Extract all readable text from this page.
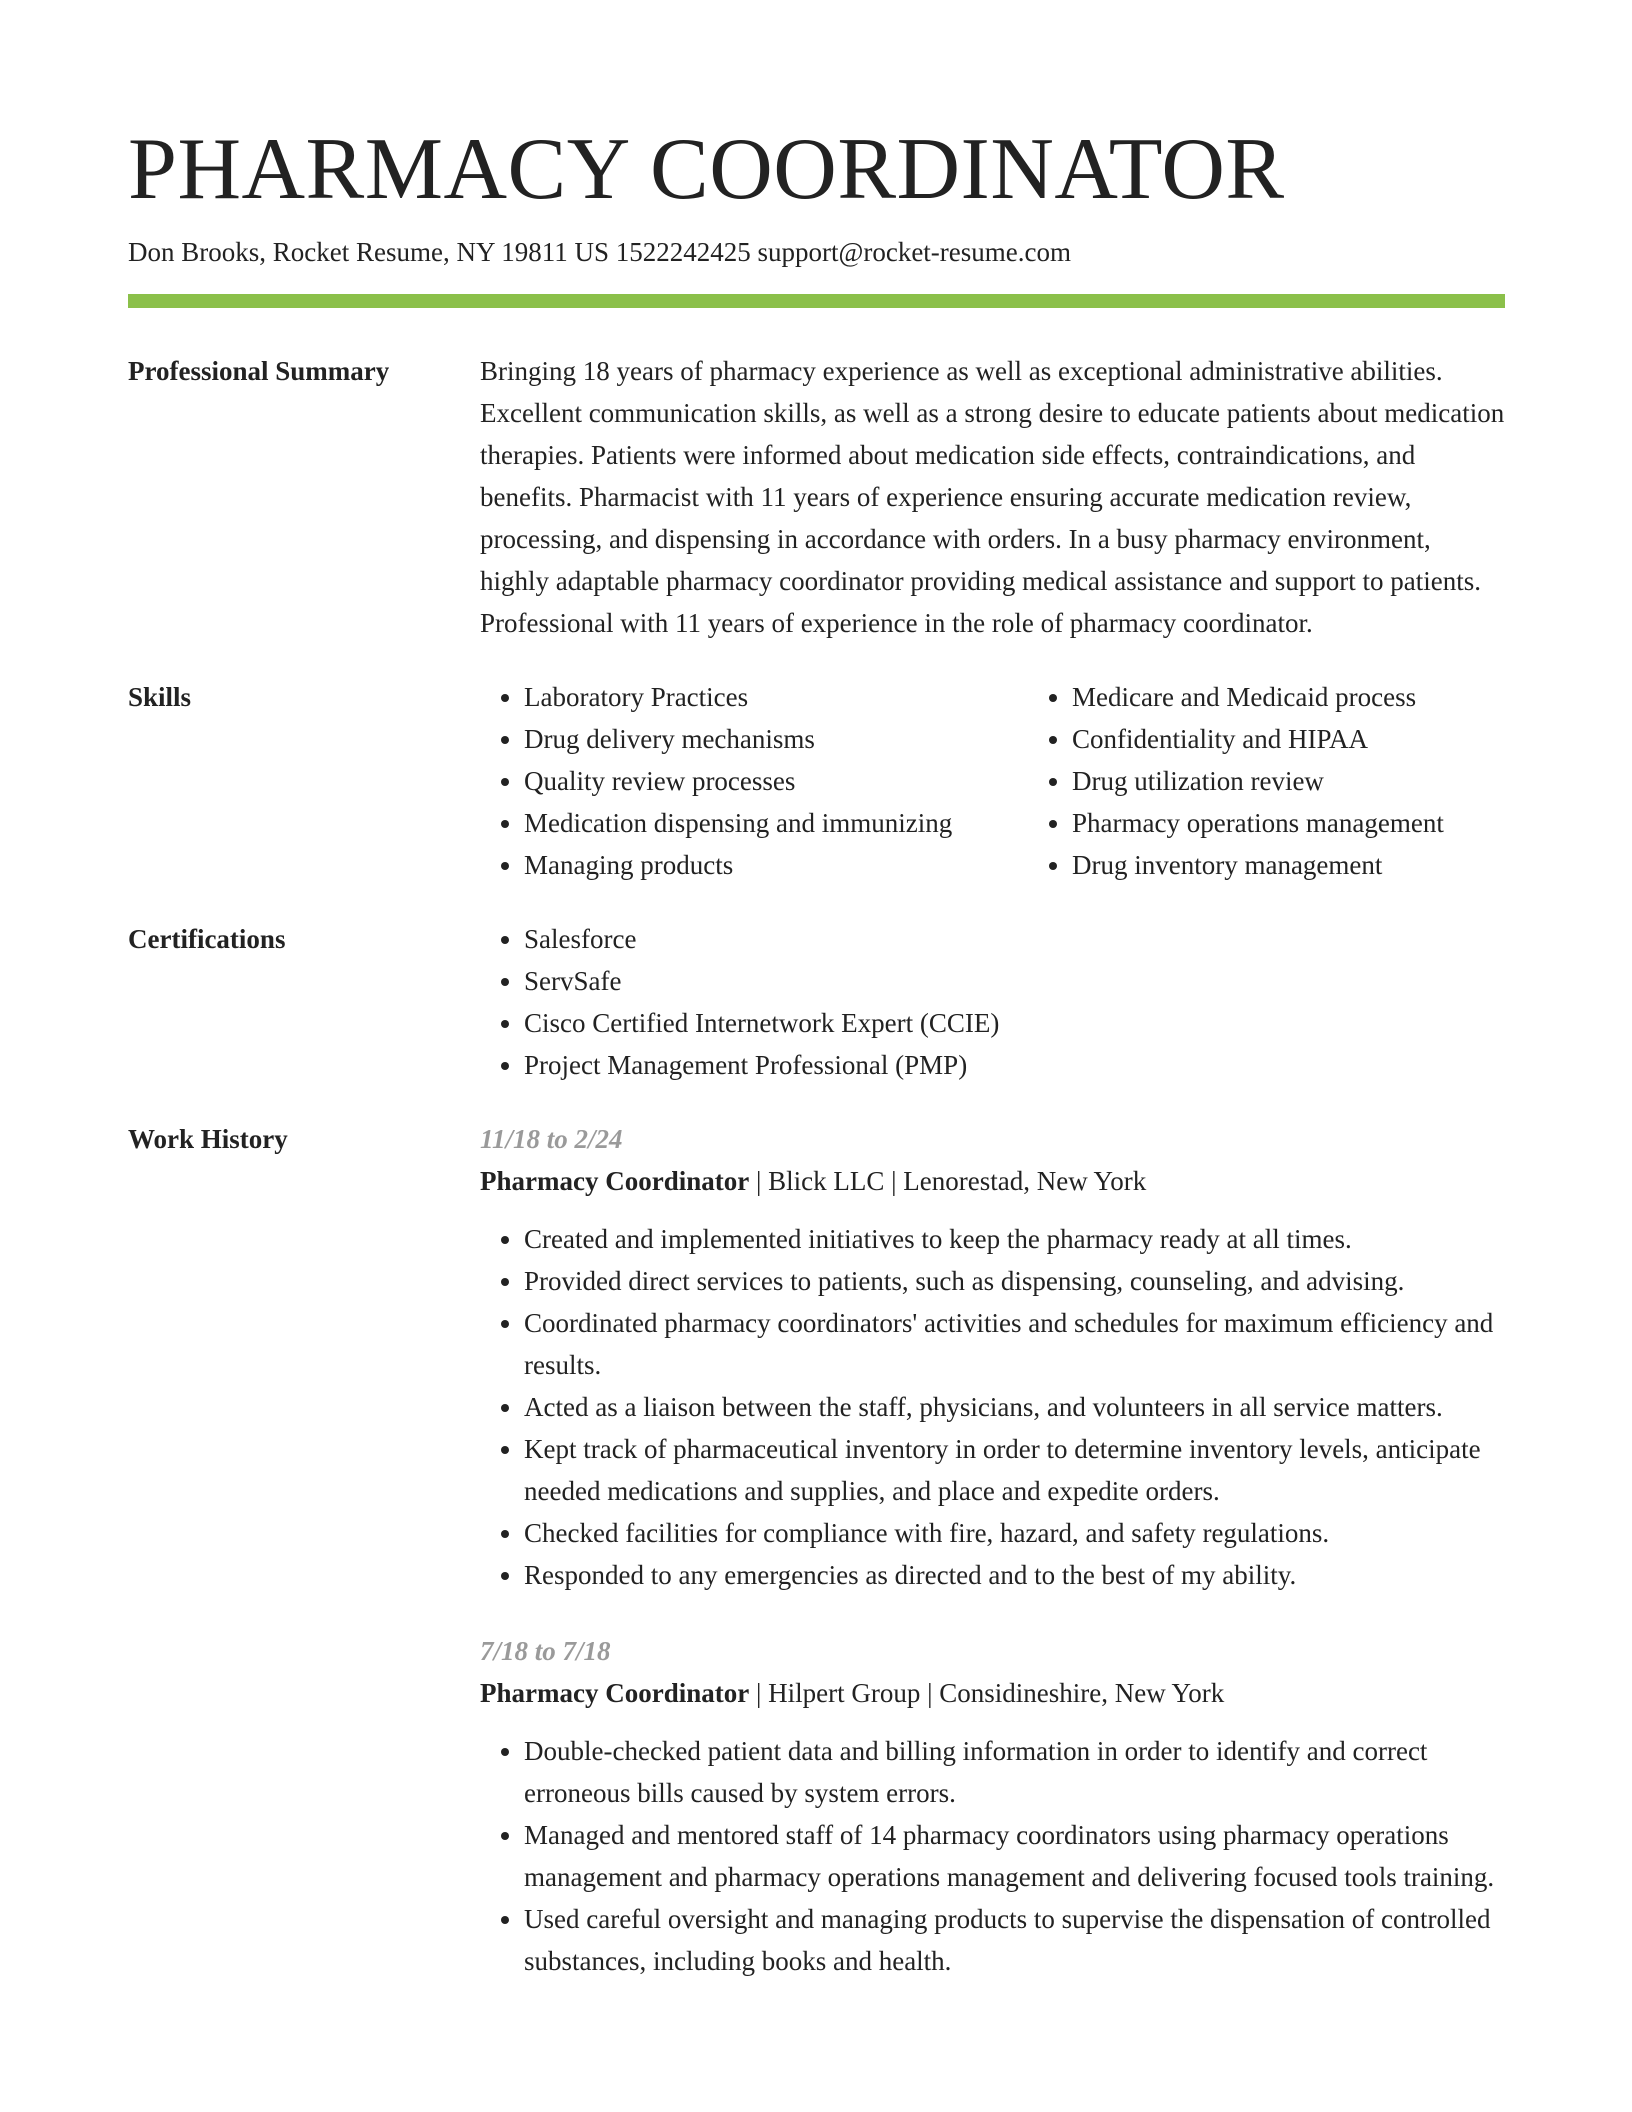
PHARMACY COORDINATOR
Don Brooks, Rocket Resume, NY 19811 US 1522242425 support@rocket-resume.com
Professional Summary	Bringing 18 years of pharmacy experience as well as exceptional administrative abilities. Excellent communication skills, as well as a strong desire to educate patients about medication therapies. Patients were informed about medication side effects, contraindications, and benefits. Pharmacist with 11 years of experience ensuring accurate medication review, processing, and dispensing in accordance with orders. In a busy pharmacy environment, highly adaptable pharmacy coordinator providing medical assistance and support to patients. Professional with 11 years of experience in the role of pharmacy coordinator.

Skills	• Laboratory Practices
• Drug delivery mechanisms
• Quality review processes
• Medication dispensing and immunizing
• Managing products
• Medicare and Medicaid process
• Confidentiality and HIPAA
• Drug utilization review
• Pharmacy operations management
• Drug inventory management
Certifications	• Salesforce
• ServSafe
• Cisco Certified Internetwork Expert (CCIE)
• Project Management Professional (PMP)
Work History	11/18 to 2/24
Pharmacy Coordinator | Blick LLC | Lenorestad, New York
• Created and implemented initiatives to keep the pharmacy ready at all times.
• Provided direct services to patients, such as dispensing, counseling, and advising.
• Coordinated pharmacy coordinators' activities and schedules for maximum efficiency and results.
• Acted as a liaison between the staff, physicians, and volunteers in all service matters.
• Kept track of pharmaceutical inventory in order to determine inventory levels, anticipate needed medications and supplies, and place and expedite orders.
• Checked facilities for compliance with fire, hazard, and safety regulations.
• Responded to any emergencies as directed and to the best of my ability.
7/18 to 7/18
Pharmacy Coordinator | Hilpert Group | Considineshire, New York
• Double-checked patient data and billing information in order to identify and correct erroneous bills caused by system errors.
• Managed and mentored staff of 14 pharmacy coordinators using pharmacy operations management and pharmacy operations management and delivering focused tools training.
• Used careful oversight and managing products to supervise the dispensation of controlled substances, including books and health.
